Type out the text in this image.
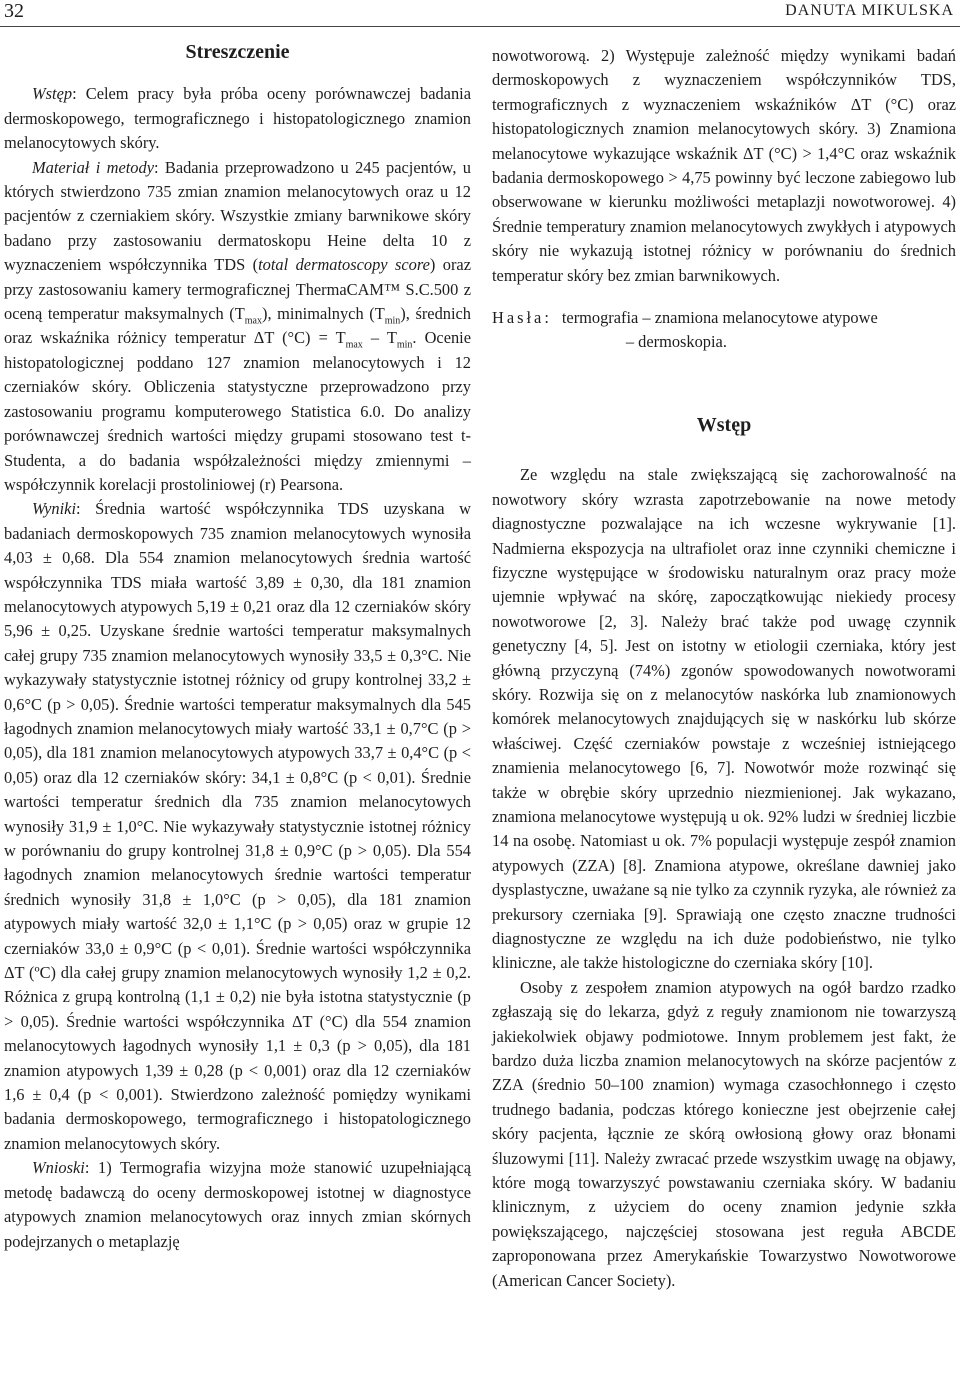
32	DANUTA MIKULSKA
Streszczenie

Wstęp: Celem pracy była próba oceny porównawczej badania dermoskopowego, termograficznego i histopatologicznego znamion melanocytowych skóry.

Materiał i metody: Badania przeprowadzono u 245 pacjentów, u których stwierdzono 735 zmian znamion melanocytowych oraz u 12 pacjentów z czerniakiem skóry. Wszystkie zmiany barwnikowe skóry badano przy zastosowaniu dermatoskopu Heine delta 10 z wyznaczeniem współczynnika TDS (total dermatoscopy score) oraz przy zastosowaniu kamery termograficznej ThermaCAM™ S.C.500 z oceną temperatur maksymalnych $(T_{max})$, minimalnych $(T_{min})$, średnich oraz wskaźnika różnicy temperatur ΔT $(^\circ C) = T_{max} - T_{min}$. Ocenie histopatologicznej poddano 127 znamion melanocytowych i 12 czerniaków skóry. Obliczenia statystyczne przeprowadzono przy zastosowaniu programu komputerowego Statistica 6.0. Do analizy porównawczej średnich wartości między grupami stosowano test t-Studenta, a do badania współzależności między zmiennymi – współczynnik korelacji prostoliniowej (r) Pearsona.

Wyniki: Średnia wartość współczynnika TDS uzyskana w badaniach dermoskopowych 735 znamion melanocytowych wynosiła 4,03 ± 0,68. Dla 554 znamion melanocytowych średnia wartość współczynnika TDS miała wartość 3,89 ± 0,30, dla 181 znamion melanocytowych atypowych 5,19 ± 0,21 oraz dla 12 czerniaków skóry 5,96 ± 0,25. Uzyskane średnie wartości temperatur maksymalnych całej grupy 735 znamion melanocytowych wynosiły 33,5 ± 0,3°C. Nie wykazywały statystycznie istotnej różnicy od grupy kontrolnej 33,2 ± 0,6°C (p > 0,05). Średnie wartości temperatur maksymalnych dla 545 łagodnych znamion melanocytowych miały wartość 33,1 ± 0,7°C (p > 0,05), dla 181 znamion melanocytowych atypowych 33,7 ± 0,4°C (p < 0,05) oraz dla 12 czerniaków skóry: 34,1 ± 0,8°C (p < 0,01). Średnie wartości temperatur średnich dla 735 znamion melanocytowych wynosiły 31,9 ± 1,0°C. Nie wykazywały statystycznie istotnej różnicy w porównaniu do grupy kontrolnej 31,8 ± 0,9°C (p > 0,05). Dla 554 łagodnych znamion melanocytowych średnie wartości temperatur średnich wynosiły 31,8 ± 1,0°C (p > 0,05), dla 181 znamion atypowych miały wartość 32,0 ± 1,1°C (p > 0,05) oraz w grupie 12 czerniaków 33,0 ± 0,9°C (p < 0,01). Średnie wartości współczynnika ΔT (ºC) dla całej grupy znamion melanocytowych wynosiły 1,2 ± 0,2. Różnica z grupą kontrolną (1,1 ± 0,2) nie była istotna statystycznie (p > 0,05). Średnie wartości współczynnika ΔT (°C) dla 554 znamion melanocytowych łagodnych wynosiły 1,1 ± 0,3 (p > 0,05), dla 181 znamion atypowych 1,39 ± 0,28 (p < 0,001) oraz dla 12 czerniaków 1,6 ± 0,4 (p < 0,001). Stwierdzono zależność pomiędzy wynikami badania dermoskopowego, termograficznego i histopatologicznego znamion melanocytowych skóry.

Wnioski: 1) Termografia wizyjna może stanowić uzupełniającą metodę badawczą do oceny dermoskopowej istotnej w diagnostyce atypowych znamion melanocytowych oraz innych zmian skórnych podejrzanych o metaplazję

nowotworową. 2) Występuje zależność między wynikami badań dermoskopowych z wyznaczeniem współczynników TDS, termograficznych z wyznaczeniem wskaźników ΔT (°C) oraz histopatologicznych znamion melanocytowych skóry. 3) Znamiona melanocytowe wykazujące wskaźnik ΔT (°C) > 1,4°C oraz wskaźnik badania dermoskopowego > 4,75 powinny być leczone zabiegowo lub obserwowane w kierunku możliwości metaplazji nowotworowej. 4) Średnie temperatury znamion melanocytowych zwykłych i atypowych skóry nie wykazują istotnej różnicy w porównaniu do średnich temperatur skóry bez zmian barwnikowych.

Hasła: termografia – znamiona melanocytowe atypowe
– dermoskopia.
Wstęp

Ze względu na stale zwiększającą się zachorowalność na nowotwory skóry wzrasta zapotrzebowanie na nowe metody diagnostyczne pozwalające na ich wczesne wykrywanie [1]. Nadmierna ekspozycja na ultrafiolet oraz inne czynniki chemiczne i fizyczne występujące w środowisku naturalnym oraz pracy może ujemnie wpływać na skórę, zapoczątkowując niekiedy procesy nowotworowe [2, 3]. Należy brać także pod uwagę czynnik genetyczny [4, 5]. Jest on istotny w etiologii czerniaka, który jest główną przyczyną (74%) zgonów spowodowanych nowotworami skóry. Rozwija się on z melanocytów naskórka lub znamionowych komórek melanocytowych znajdujących się w naskórku lub skórze właściwej. Część czerniaków powstaje z wcześniej istniejącego znamienia melanocytowego [6, 7]. Nowotwór może rozwinąć się także w obrębie skóry uprzednio niezmienionej. Jak wykazano, znamiona melanocytowe występują u ok. 92% ludzi w średniej liczbie 14 na osobę. Natomiast u ok. 7% populacji występuje zespół znamion atypowych (ZZA) [8]. Znamiona atypowe, określane dawniej jako dysplastyczne, uważane są nie tylko za czynnik ryzyka, ale również za prekursory czerniaka [9]. Sprawiają one często znaczne trudności diagnostyczne ze względu na ich duże podobieństwo, nie tylko kliniczne, ale także histologiczne do czerniaka skóry [10].

Osoby z zespołem znamion atypowych na ogół bardzo rzadko zgłaszają się do lekarza, gdyż z reguły znamionom nie towarzyszą jakiekolwiek objawy podmiotowe. Innym problemem jest fakt, że bardzo duża liczba znamion melanocytowych na skórze pacjentów z ZZA (średnio 50–100 znamion) wymaga czasochłonnego i często trudnego badania, podczas którego konieczne jest obejrzenie całej skóry pacjenta, łącznie ze skórą owłosioną głowy oraz błonami śluzowymi [11]. Należy zwracać przede wszystkim uwagę na objawy, które mogą towarzyszyć powstawaniu czerniaka skóry. W badaniu klinicznym, z użyciem do oceny znamion jedynie szkła powiększającego, najczęściej stosowana jest reguła ABCDE zaproponowana przez Amerykańskie Towarzystwo Nowotworowe (American Cancer Society).
